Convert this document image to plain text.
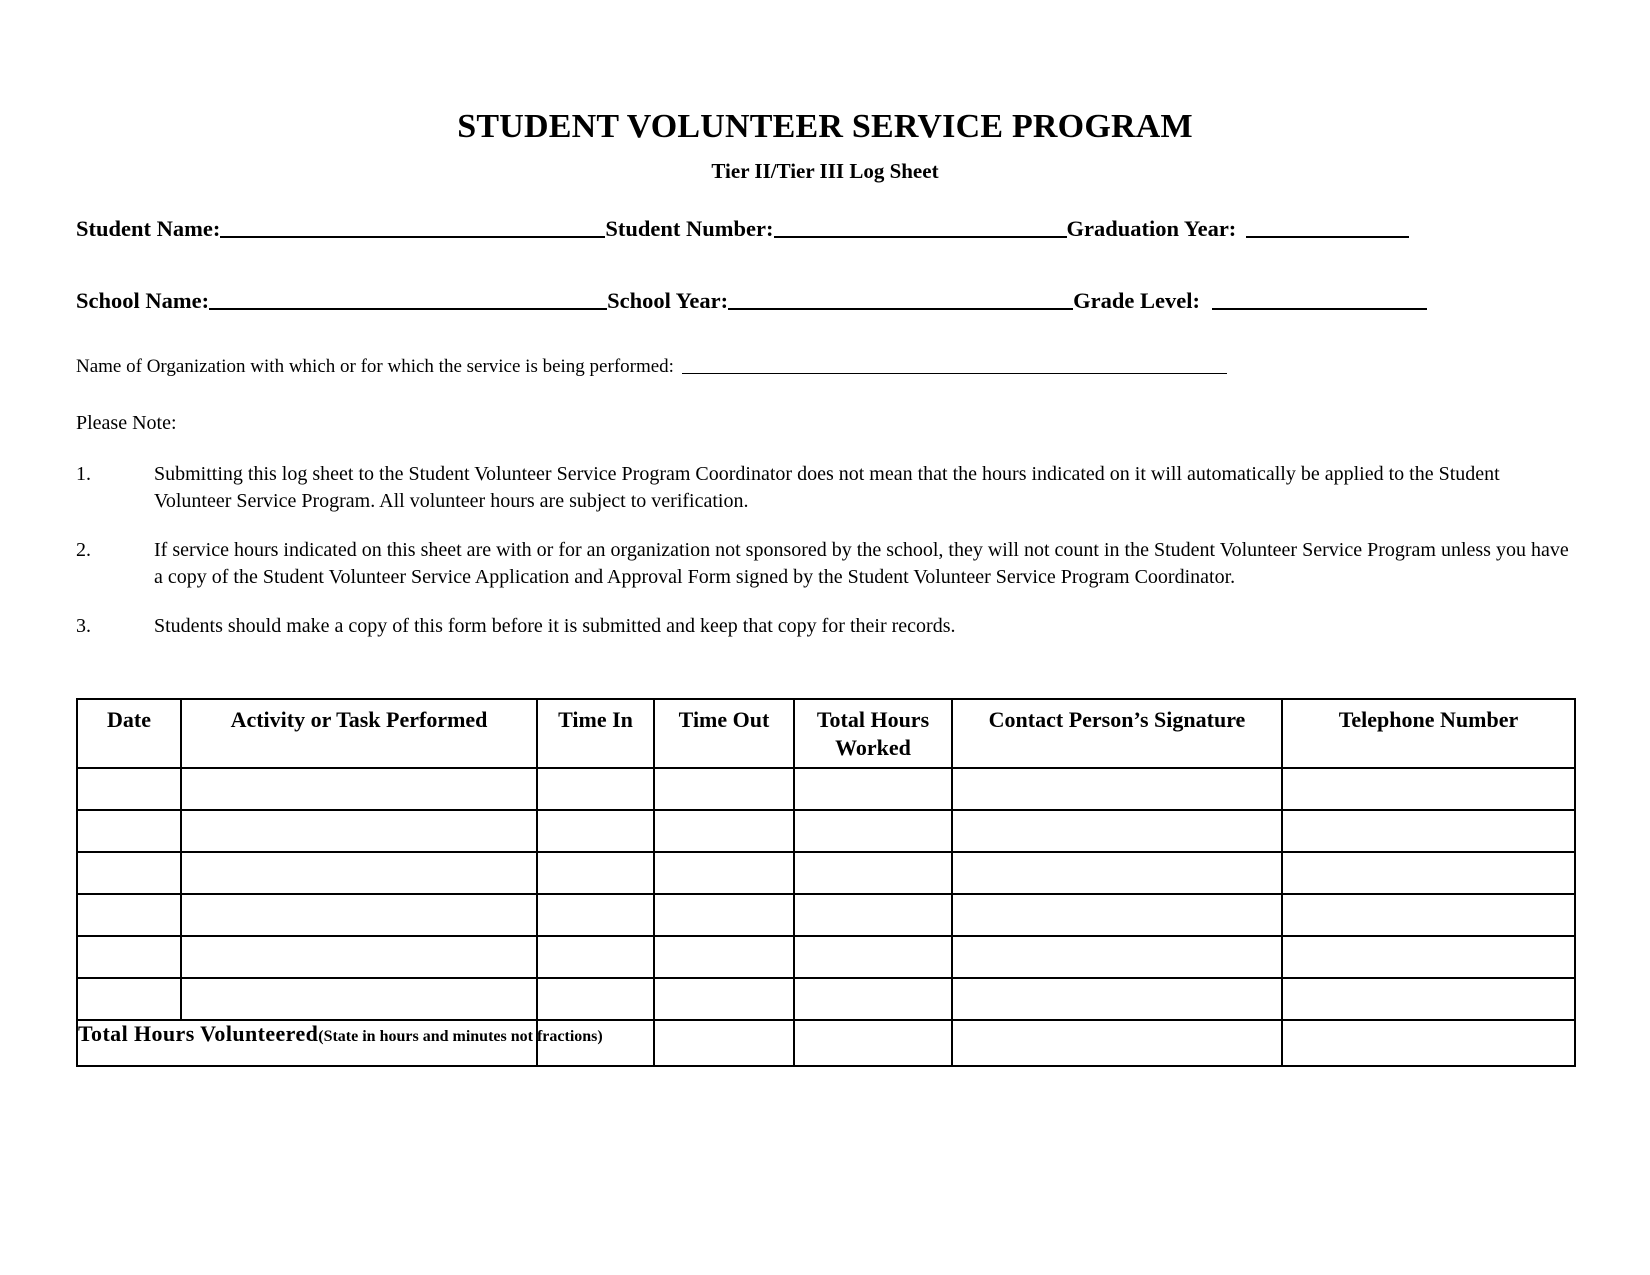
STUDENT VOLUNTEER SERVICE PROGRAM
Tier II/Tier III Log Sheet
Student Name:	Student Number:	Graduation Year:
School Name:	School Year:	Grade Level:
Name of Organization with which or for which the service is being performed:
Please Note:
1.	Submitting this log sheet to the Student Volunteer Service Program Coordinator does not mean that the hours indicated on it will automatically be applied to the Student Volunteer Service Program. All volunteer hours are subject to verification.
2.	If service hours indicated on this sheet are with or for an organization not sponsored by the school, they will not count in the Student Volunteer Service Program unless you have a copy of the Student Volunteer Service Application and Approval Form signed by the Student Volunteer Service Program Coordinator.
3.	Students should make a copy of this form before it is submitted and keep that copy for their records.
Date	Activity or Task Performed	Time In	Time Out	Total Hours Worked	Contact Person’s Signature	Telephone Number

Total Hours Volunteered(State in hours and minutes not fractions)						
